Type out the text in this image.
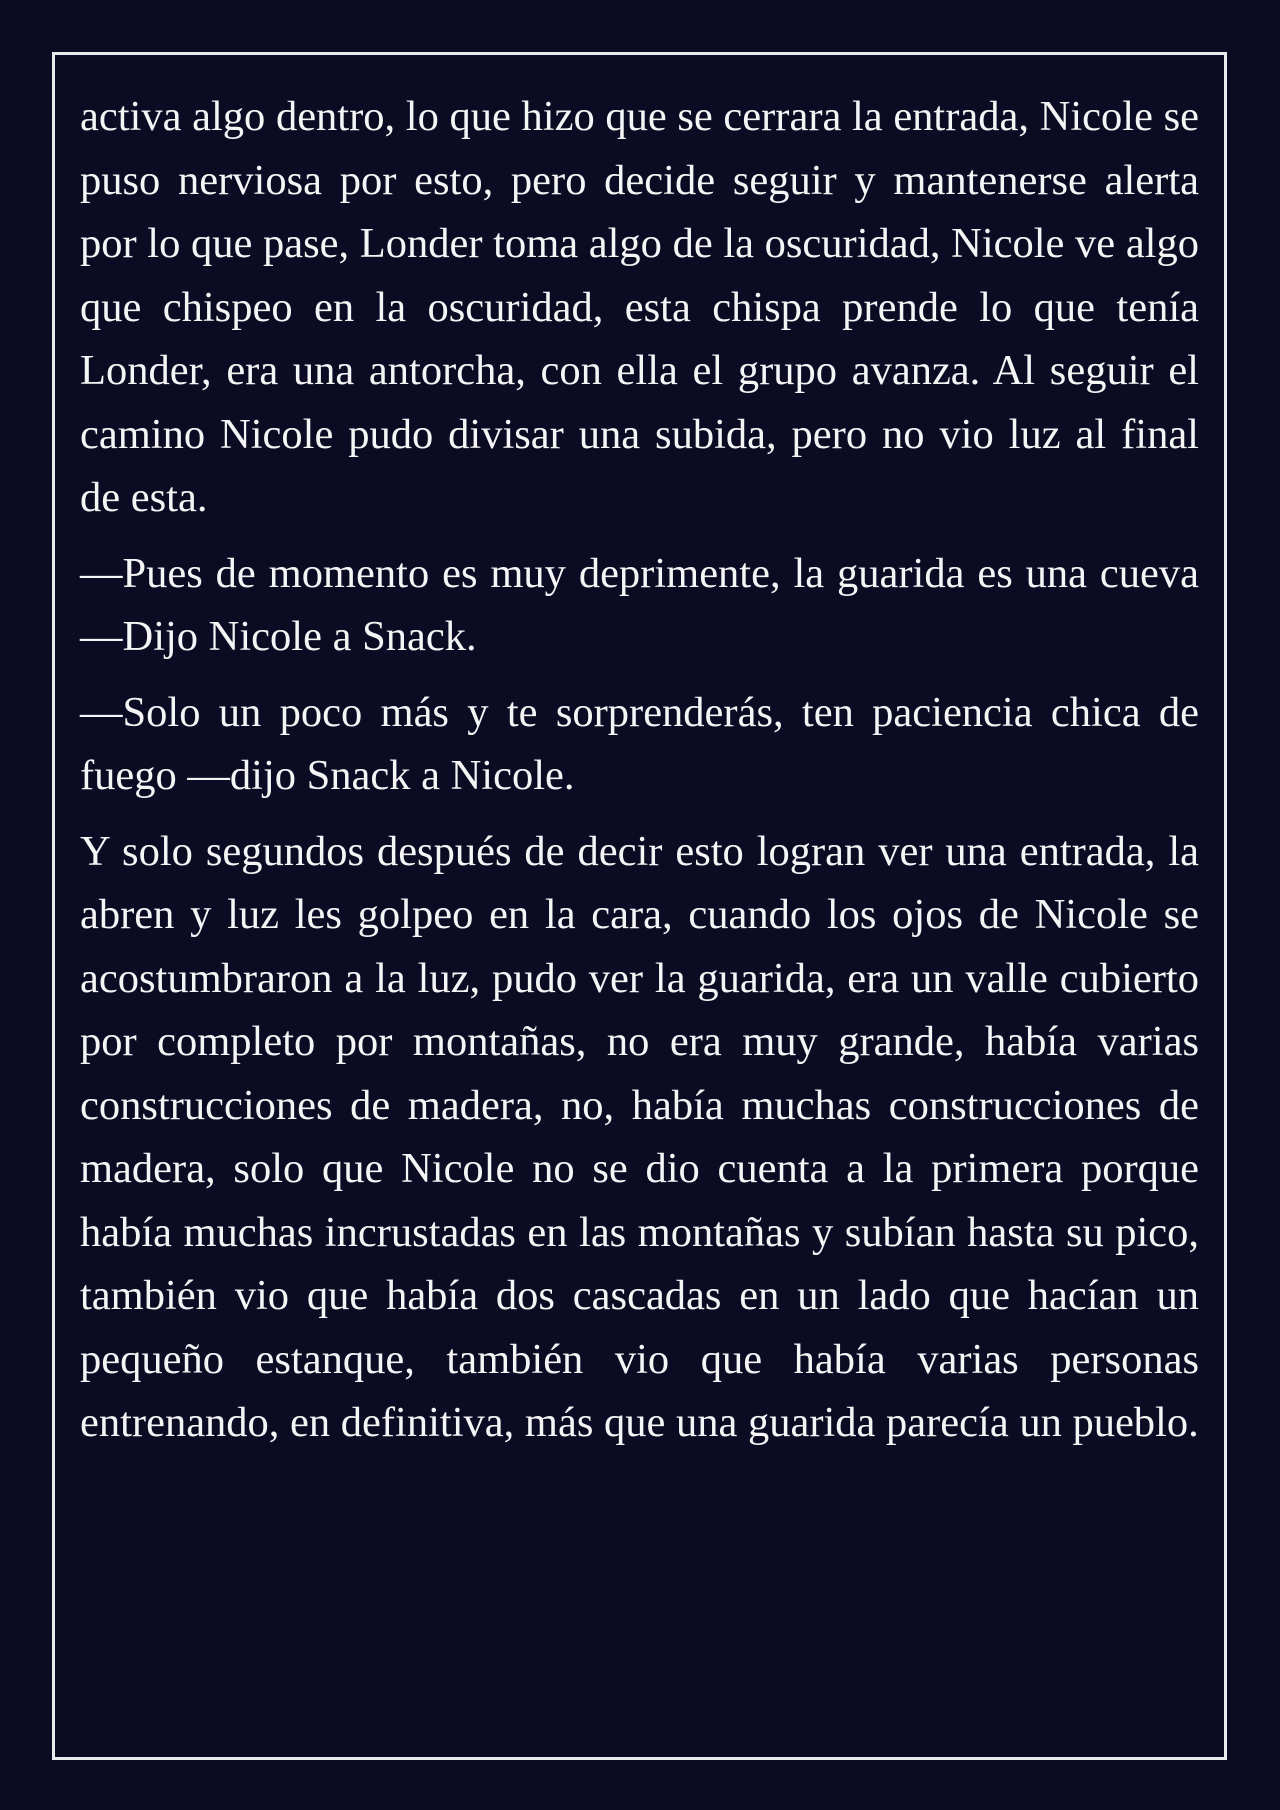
activa algo dentro, lo que hizo que se cerrara la entrada, Nicole se puso nerviosa por esto, pero decide seguir y mantenerse alerta por lo que pase, Londer toma algo de la oscuridad, Nicole ve algo que chispeo en la oscuridad, esta chispa prende lo que tenía Londer, era una antorcha, con ella el grupo avanza. Al seguir el camino Nicole pudo divisar una subida, pero no vio luz al final de esta.

—Pues de momento es muy deprimente, la guarida es una cueva —Dijo Nicole a Snack.

—Solo un poco más y te sorprenderás, ten paciencia chica de fuego —dijo Snack a Nicole.

Y solo segundos después de decir esto logran ver una entrada, la abren y luz les golpeo en la cara, cuando los ojos de Nicole se acostumbraron a la luz, pudo ver la guarida, era un valle cubierto por completo por montañas, no era muy grande, había varias construcciones de madera, no, había muchas construcciones de madera, solo que Nicole no se dio cuenta a la primera porque había muchas incrustadas en las montañas y subían hasta su pico, también vio que había dos cascadas en un lado que hacían un pequeño estanque, también vio que había varias personas entrenando, en definitiva, más que una guarida parecía un pueblo.
